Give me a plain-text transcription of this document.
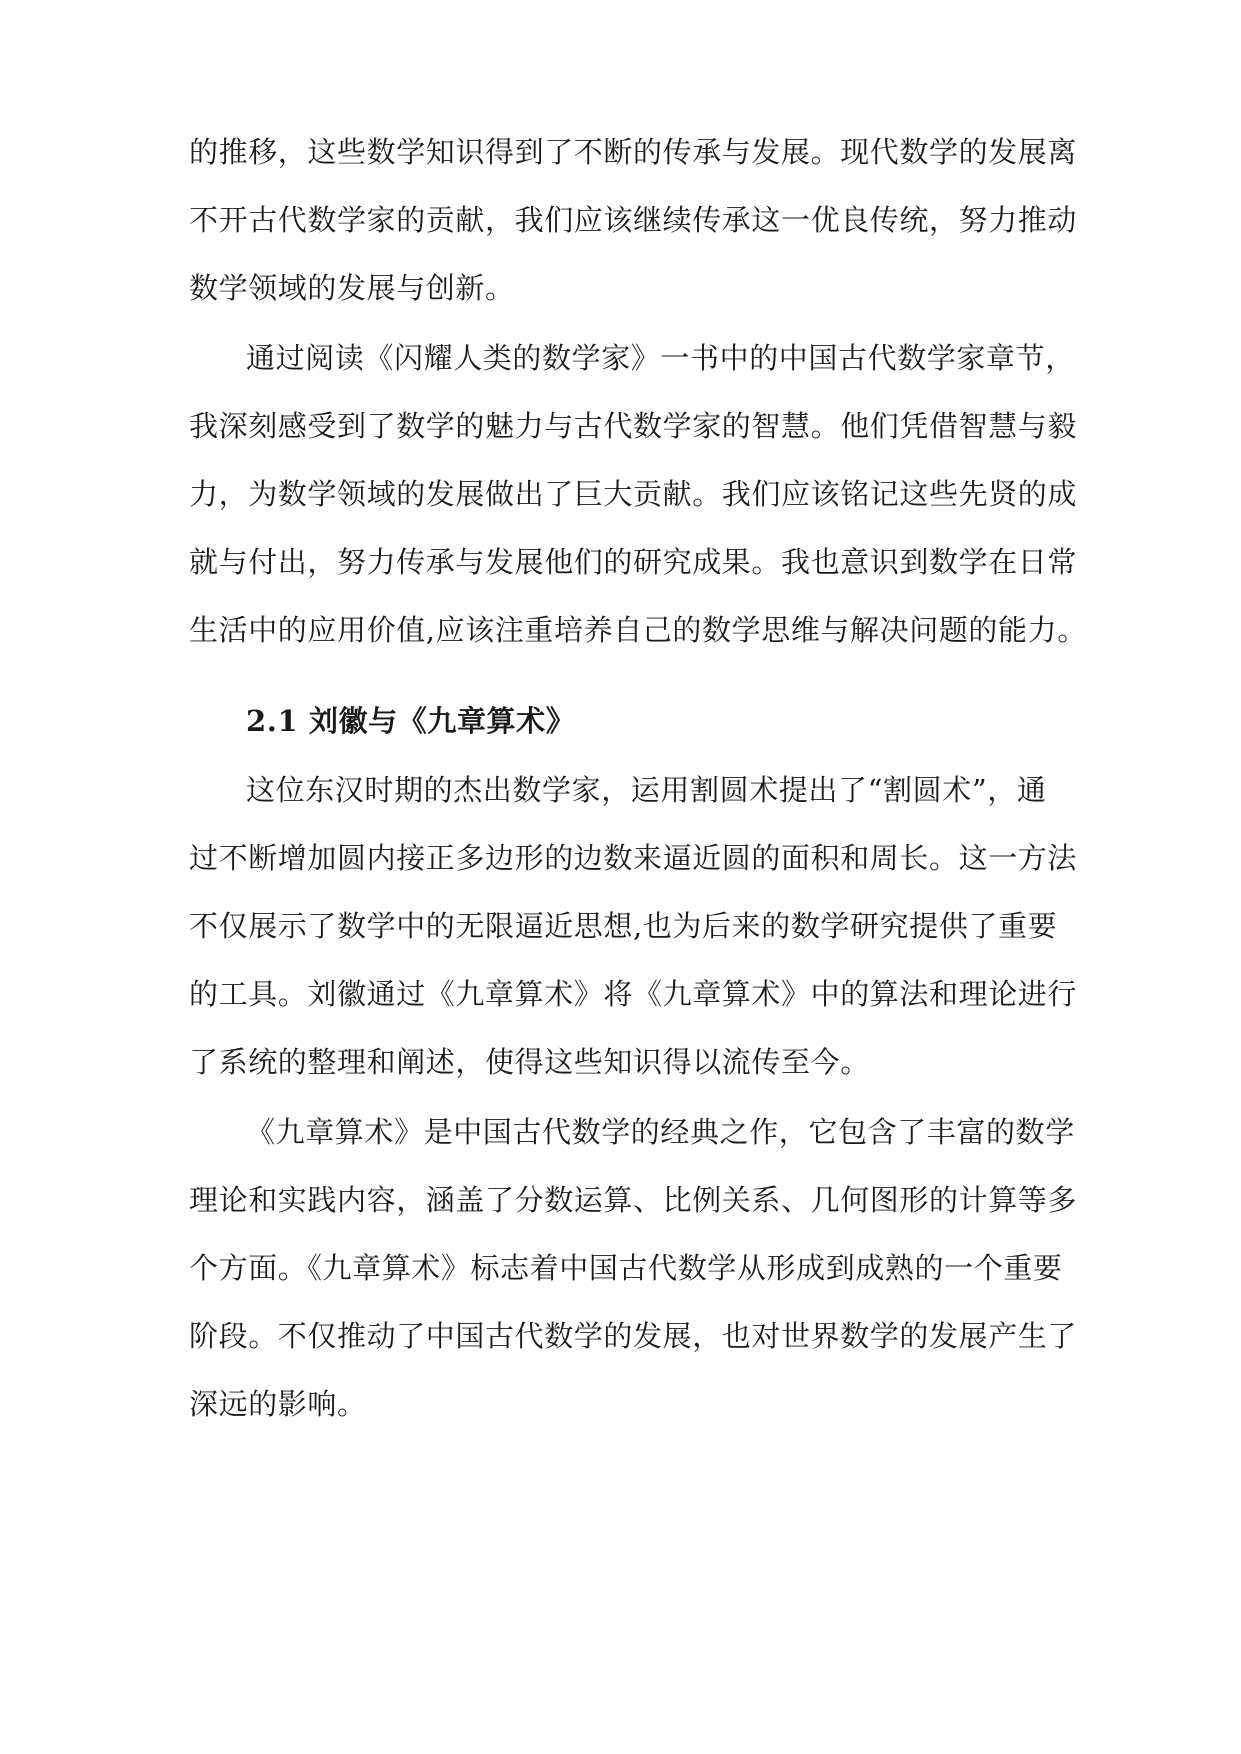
的推移，这些数学知识得到了不断的传承与发展。现代数学的发展离
不开古代数学家的贡献，我们应该继续传承这一优良传统，努力推动
数学领域的发展与创新。
通过阅读《闪耀人类的数学家》一书中的中国古代数学家章节，
我深刻感受到了数学的魅力与古代数学家的智慧。他们凭借智慧与毅
力，为数学领域的发展做出了巨大贡献。我们应该铭记这些先贤的成
就与付出，努力传承与发展他们的研究成果。我也意识到数学在日常
生活中的应用价值,应该注重培养自己的数学思维与解决问题的能力。
2.1 刘徽与《九章算术》
这位东汉时期的杰出数学家，运用割圆术提出了“割圆术”，通
过不断增加圆内接正多边形的边数来逼近圆的面积和周长。这一方法
不仅展示了数学中的无限逼近思想,也为后来的数学研究提供了重要
的工具。刘徽通过《九章算术》将《九章算术》中的算法和理论进行
了系统的整理和阐述，使得这些知识得以流传至今。
《九章算术》是中国古代数学的经典之作，它包含了丰富的数学
理论和实践内容，涵盖了分数运算、比例关系、几何图形的计算等多
个方面。《九章算术》标志着中国古代数学从形成到成熟的一个重要
阶段。不仅推动了中国古代数学的发展，也对世界数学的发展产生了
深远的影响。
